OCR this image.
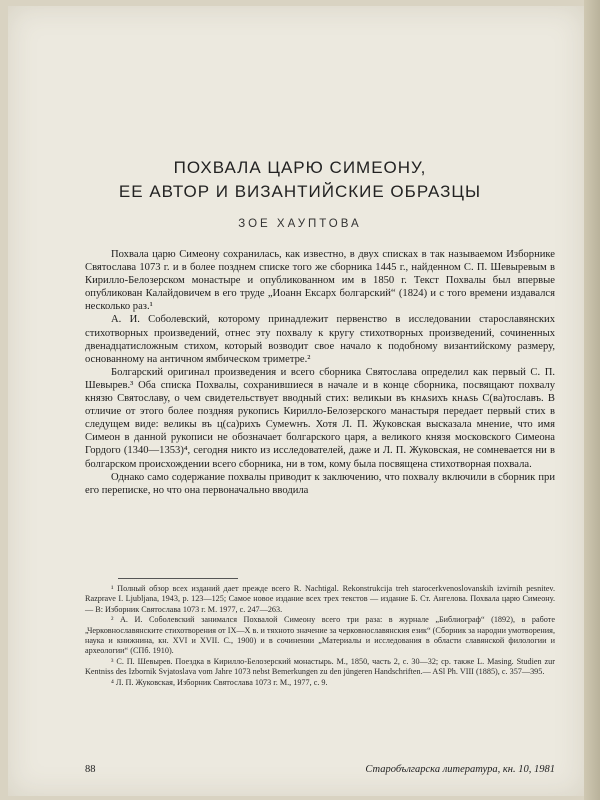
ПОХВАЛА ЦАРЮ СИМЕОНУ,
ЕЕ АВТОР И ВИЗАНТИЙСКИЕ ОБРАЗЦЫ
ЗОЕ ХАУПТОВА

Похвала царю Симеону сохранилась, как известно, в двух списках в так называемом Изборнике Святослава 1073 г. и в более позднем списке того же сборника 1445 г., найденном С. П. Шевыревым в Кирилло-Белозерском монастыре и опубликованном им в 1850 г. Текст Похвалы был впервые опубликован Калайдовичем в его труде „Иоанн Ексарх болгарский“ (1824) и с того времени издавался несколько раз.¹

А. И. Соболевский, которому принадлежит первенство в исследовании старославянских стихотворных произведений, отнес эту похвалу к кругу стихотворных произведений, сочиненных двенадцатисложным стихом, который возводит свое начало к подобному византийскому размеру, основанному на античном ямбическом триметре.²

Болгарский оригинал произведения и всего сборника Святослава определил как первый С. П. Шевырев.³ Оба списка Похвалы, сохранившиеся в начале и в конце сборника, посвящают похвалу князю Святославу, о чем свидетельствует вводный стих: великыи въ кнѧѕихъ кнѧѕь С(ва)тославъ. В отличие от этого более поздняя рукопись Кирилло-Белозерского манастыря передает первый стих в следущем виде: великы въ ц(са)рихъ Сумеwнъ. Хотя Л. П. Жуковская высказала мнение, что имя Симеон в данной рукописи не обозначает болгарского царя, а великого князя московского Симеона Гордого (1340—1353)⁴, сегодня никто из исследователей, даже и Л. П. Жуковская, не сомневается ни в болгарском происхождении всего сборника, ни в том, кому была посвящена стихотворная похвала.

Однако само содержание похвалы приводит к заключению, что похвалу включили в сборник при его переписке, но что она первоначально вводила

¹ Полный обзор всех изданий дает прежде всего R. Nachtigal. Rekonstrukcija treh starocerkvenoslovanskih izvirnih pesnitev. Razprave I. Ljubljana, 1943, р. 123—125; Самое новое издание всех трех текстов — издание Б. Ст. Ангелова. Похвала царю Симеону. — В: Изборник Святослава 1073 г. М. 1977, с. 247—263.

² А. И. Соболевский занимался Похвалой Симеону всего три раза: в журнале „Библиограф“ (1892), в работе „Черковнославянските стихотворения от IX—X в. и тяхното значение за черковнославянския език“ (Сборник за народни умотворения, наука и книжнина, кн. XVI и XVII. С., 1900) и в сочинении „Материалы и исследования в области славянской филологии и археологии“ (СПб. 1910).

³ С. П. Шевырев. Поездка в Кирилло-Белозерский монастырь. М., 1850, часть 2, с. 30—32; ср. также L. Masing. Studien zur Kentniss des Izbornik Svjatoslava vom Jahre 1073 nebst Bemerkungen zu den jüngeren Handschriften.— ASl Ph. VIII (1885), с. 357—395.

⁴ Л. П. Жуковская, Изборник Святослава 1073 г. М., 1977, с. 9.

88	Старобългарска литература, кн. 10, 1981
